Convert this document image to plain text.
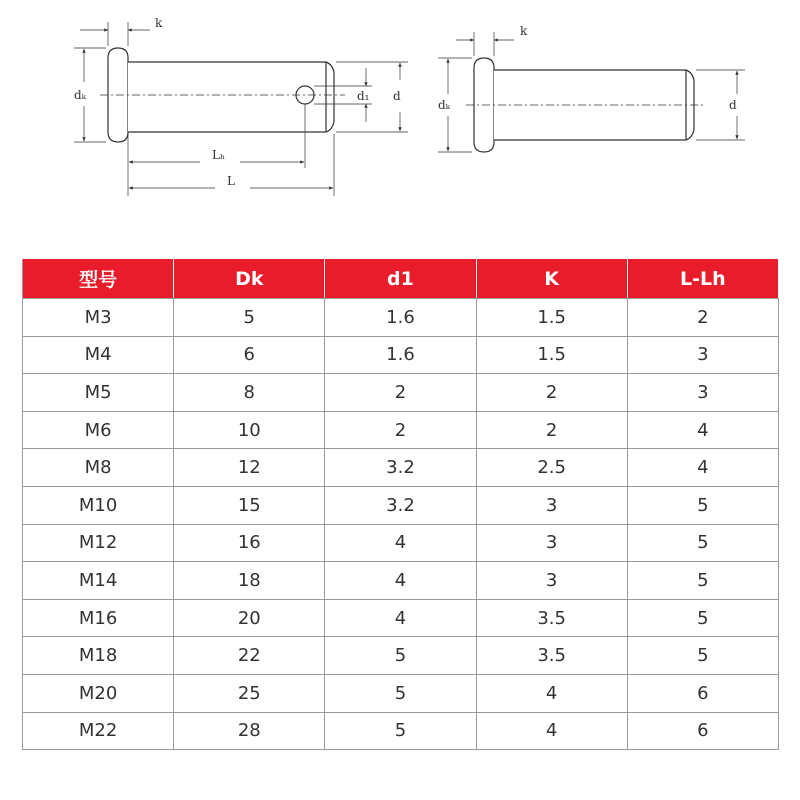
k
dₖ	d₁ d
Lₕ
L
k
dₖ	d
型号	Dk	d1	K	L-Lh
M3	5	1.6	1.5	2
M4	6	1.6	1.5	3
M5	8	2	2	3
M6	10	2	2	4
M8	12	3.2	2.5	4
M10	15	3.2	3	5
M12	16	4	3	5
M14	18	4	3	5
M16	20	4	3.5	5
M18	22	5	3.5	5
M20	25	5	4	6
M22	28	5	4	6
